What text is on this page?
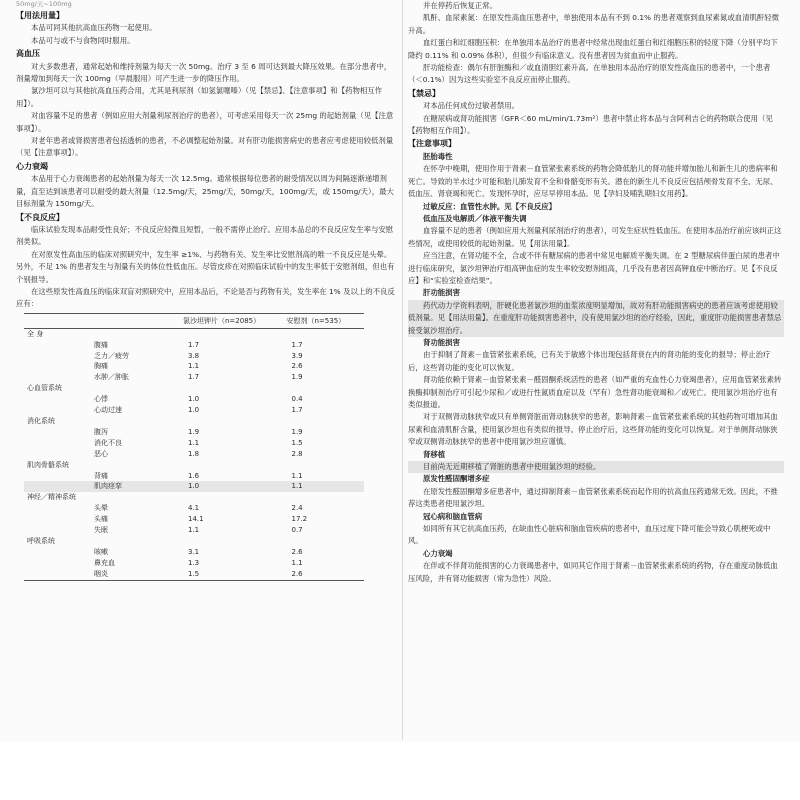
50mg/天~100mg

【用法用量】

本品可同其他抗高血压药物一起使用。

本品可与或不与食物同时服用。

高血压

对大多数患者，通常起始和维持剂量为每天一次 50mg。治疗 3 至 6 周可达到最大降压效果。在部分患者中，剂量增加到每天一次 100mg（早晨服用）可产生进一步的降压作用。

氯沙坦可以与其他抗高血压药合用，尤其是利尿剂（如氢氯噻嗪）（见【禁忌】、【注意事项】和【药物相互作用】）。

对血容量不足的患者（例如应用大剂量利尿剂治疗的患者），可考虑采用每天一次 25mg 的起始剂量（见【注意事项】）。

对老年患者或肾损害患者包括透析的患者，不必调整起始剂量。对有肝功能损害病史的患者应考虑使用较低剂量（见【注意事项】）。

心力衰竭

本品用于心力衰竭患者的起始剂量为每天一次 12.5mg。通常根据每位患者的耐受情况以周为间隔逐渐递增剂量，直至达到该患者可以耐受的最大剂量（12.5mg/天，25mg/天，50mg/天，100mg/天，或 150mg/天），最大目标剂量为 150mg/天。

【不良反应】

临床试验发现本品耐受性良好；不良反应轻微且短暂，一般不需停止治疗。应用本品总的不良反应发生率与安慰剂类似。

在对原发性高血压的临床对照研究中，发生率 ≥1%、与药物有关、发生率比安慰剂高的唯一不良反应是头晕。另外，不足 1% 的患者发生与剂量有关的体位性低血压。尽管皮疹在对照临床试验中的发生率低于安慰剂组，但也有个别报导。

在这些原发性高血压的临床双盲对照研究中，应用本品后，不论是否与药物有关，发生率在 1% 及以上的不良反应有：

	氯沙坦钾片（n=2085）	安慰剂（n=535）
全 身		
腹痛	1.7	1.7
乏力／疲劳	3.8	3.9
胸痛	1.1	2.6
水肿／肿胀	1.7	1.9
心血管系统		
心悸	1.0	0.4
心动过速	1.0	1.7
消化系统		
腹泻	1.9	1.9
消化不良	1.1	1.5
恶心	1.8	2.8
肌肉骨骼系统		
背痛	1.6	1.1
肌肉痉挛	1.0	1.1
神经／精神系统		
头晕	4.1	2.4
头痛	14.1	17.2
失眠	1.1	0.7
呼吸系统		
咳嗽	3.1	2.6
鼻充血	1.3	1.1
咽炎	1.5	2.6

并在停药后恢复正常。

肌酐、血尿素氮：在原发性高血压患者中，单独使用本品有不到 0.1% 的患者观察到血尿素氮或血清肌酐轻微升高。

血红蛋白和红细胞压积：在单独用本品治疗的患者中经常出现血红蛋白和红细胞压积的轻度下降（分别平均下降约 0.11% 和 0.09% 体积），但很少有临床意义。没有患者因为贫血而中止服药。

肝功能检查：偶尔有肝脏酶和／或血清胆红素升高。在单独用本品治疗的原发性高血压的患者中，一个患者（＜0.1%）因为这些实验室不良反应而停止服药。

【禁忌】

对本品任何成份过敏者禁用。

在糖尿病或肾功能损害（GFR＜60 mL/min/1.73m²）患者中禁止将本品与含阿利吉仑的药物联合使用（见【药物相互作用】）。

【注意事项】

胚胎毒性

在怀孕中晚期，使用作用于肾素－血管紧张素系统的药物会降低胎儿的肾功能并增加胎儿和新生儿的患病率和死亡。导致的羊水过少可能和胎儿肺发育不全和骨骼变形有关。潜在的新生儿不良反应包括颅骨发育不全、无尿、低血压、肾衰竭和死亡。发现怀孕时，应尽早停用本品。见【孕妇及哺乳期妇女用药】。

过敏反应：血管性水肿。见【不良反应】

低血压及电解质／体液平衡失调

血容量不足的患者（例如应用大剂量利尿剂治疗的患者），可发生症状性低血压。在使用本品治疗前应该纠正这些情况，或使用较低的起始剂量。见【用法用量】。

应当注意，在肾功能不全，合或不伴有糖尿病的患者中常见电解质平衡失调。在 2 型糖尿病伴蛋白尿的患者中进行临床研究，氯沙坦钾治疗组高钾血症的发生率较安慰剂组高，几乎没有患者因高钾血症中断治疗。见【不良反应】和“实验室检查结果”。

肝功能损害

药代动力学资料表明，肝硬化患者氯沙坦的血浆浓度明显增加，故对有肝功能损害病史的患者应该考虑使用较低剂量。见【用法用量】。在重度肝功能损害患者中，没有使用氯沙坦的治疗经验，因此，重度肝功能损害患者禁忌接受氯沙坦治疗。

肾功能损害

由于抑制了肾素－血管紧张素系统，已有关于敏感个体出现包括肾衰在内的肾功能的变化的报导；停止治疗后，这些肾功能的变化可以恢复。

肾功能依赖于肾素－血管紧张素－醛固酮系统活性的患者（如严重的充血性心力衰竭患者），应用血管紧张素转换酶抑制剂治疗可引起少尿和／或进行性氮质血症以及（罕有）急性肾功能衰竭和／或死亡。使用氯沙坦治疗也有类似报道。

对于双侧肾动脉狭窄或只有单侧肾脏而肾动脉狭窄的患者，影响肾素－血管紧张素系统的其他药物可增加其血尿素和血清肌酐含量，使用氯沙坦也有类似的报导。停止治疗后，这些肾功能的变化可以恢复。对于单侧肾动脉狭窄或双侧肾动脉狭窄的患者中使用氯沙坦应谨慎。

肾移植

目前尚无近期移植了肾脏的患者中使用氯沙坦的经验。

原发性醛固酮增多症

在原发性醛固酮增多症患者中，通过抑制肾素－血管紧张素系统而起作用的抗高血压药通常无效。因此，不推荐这类患者使用氯沙坦。

冠心病和脑血管病

如同所有其它抗高血压药，在缺血性心脏病和脑血管疾病的患者中，血压过度下降可能会导致心肌梗死或中风。

心力衰竭

在伴或不伴肾功能损害的心力衰竭患者中，如同其它作用于肾素－血管紧张素系统的药物，存在重度动脉低血压风险，并有肾功能损害（常为急性）风险。
